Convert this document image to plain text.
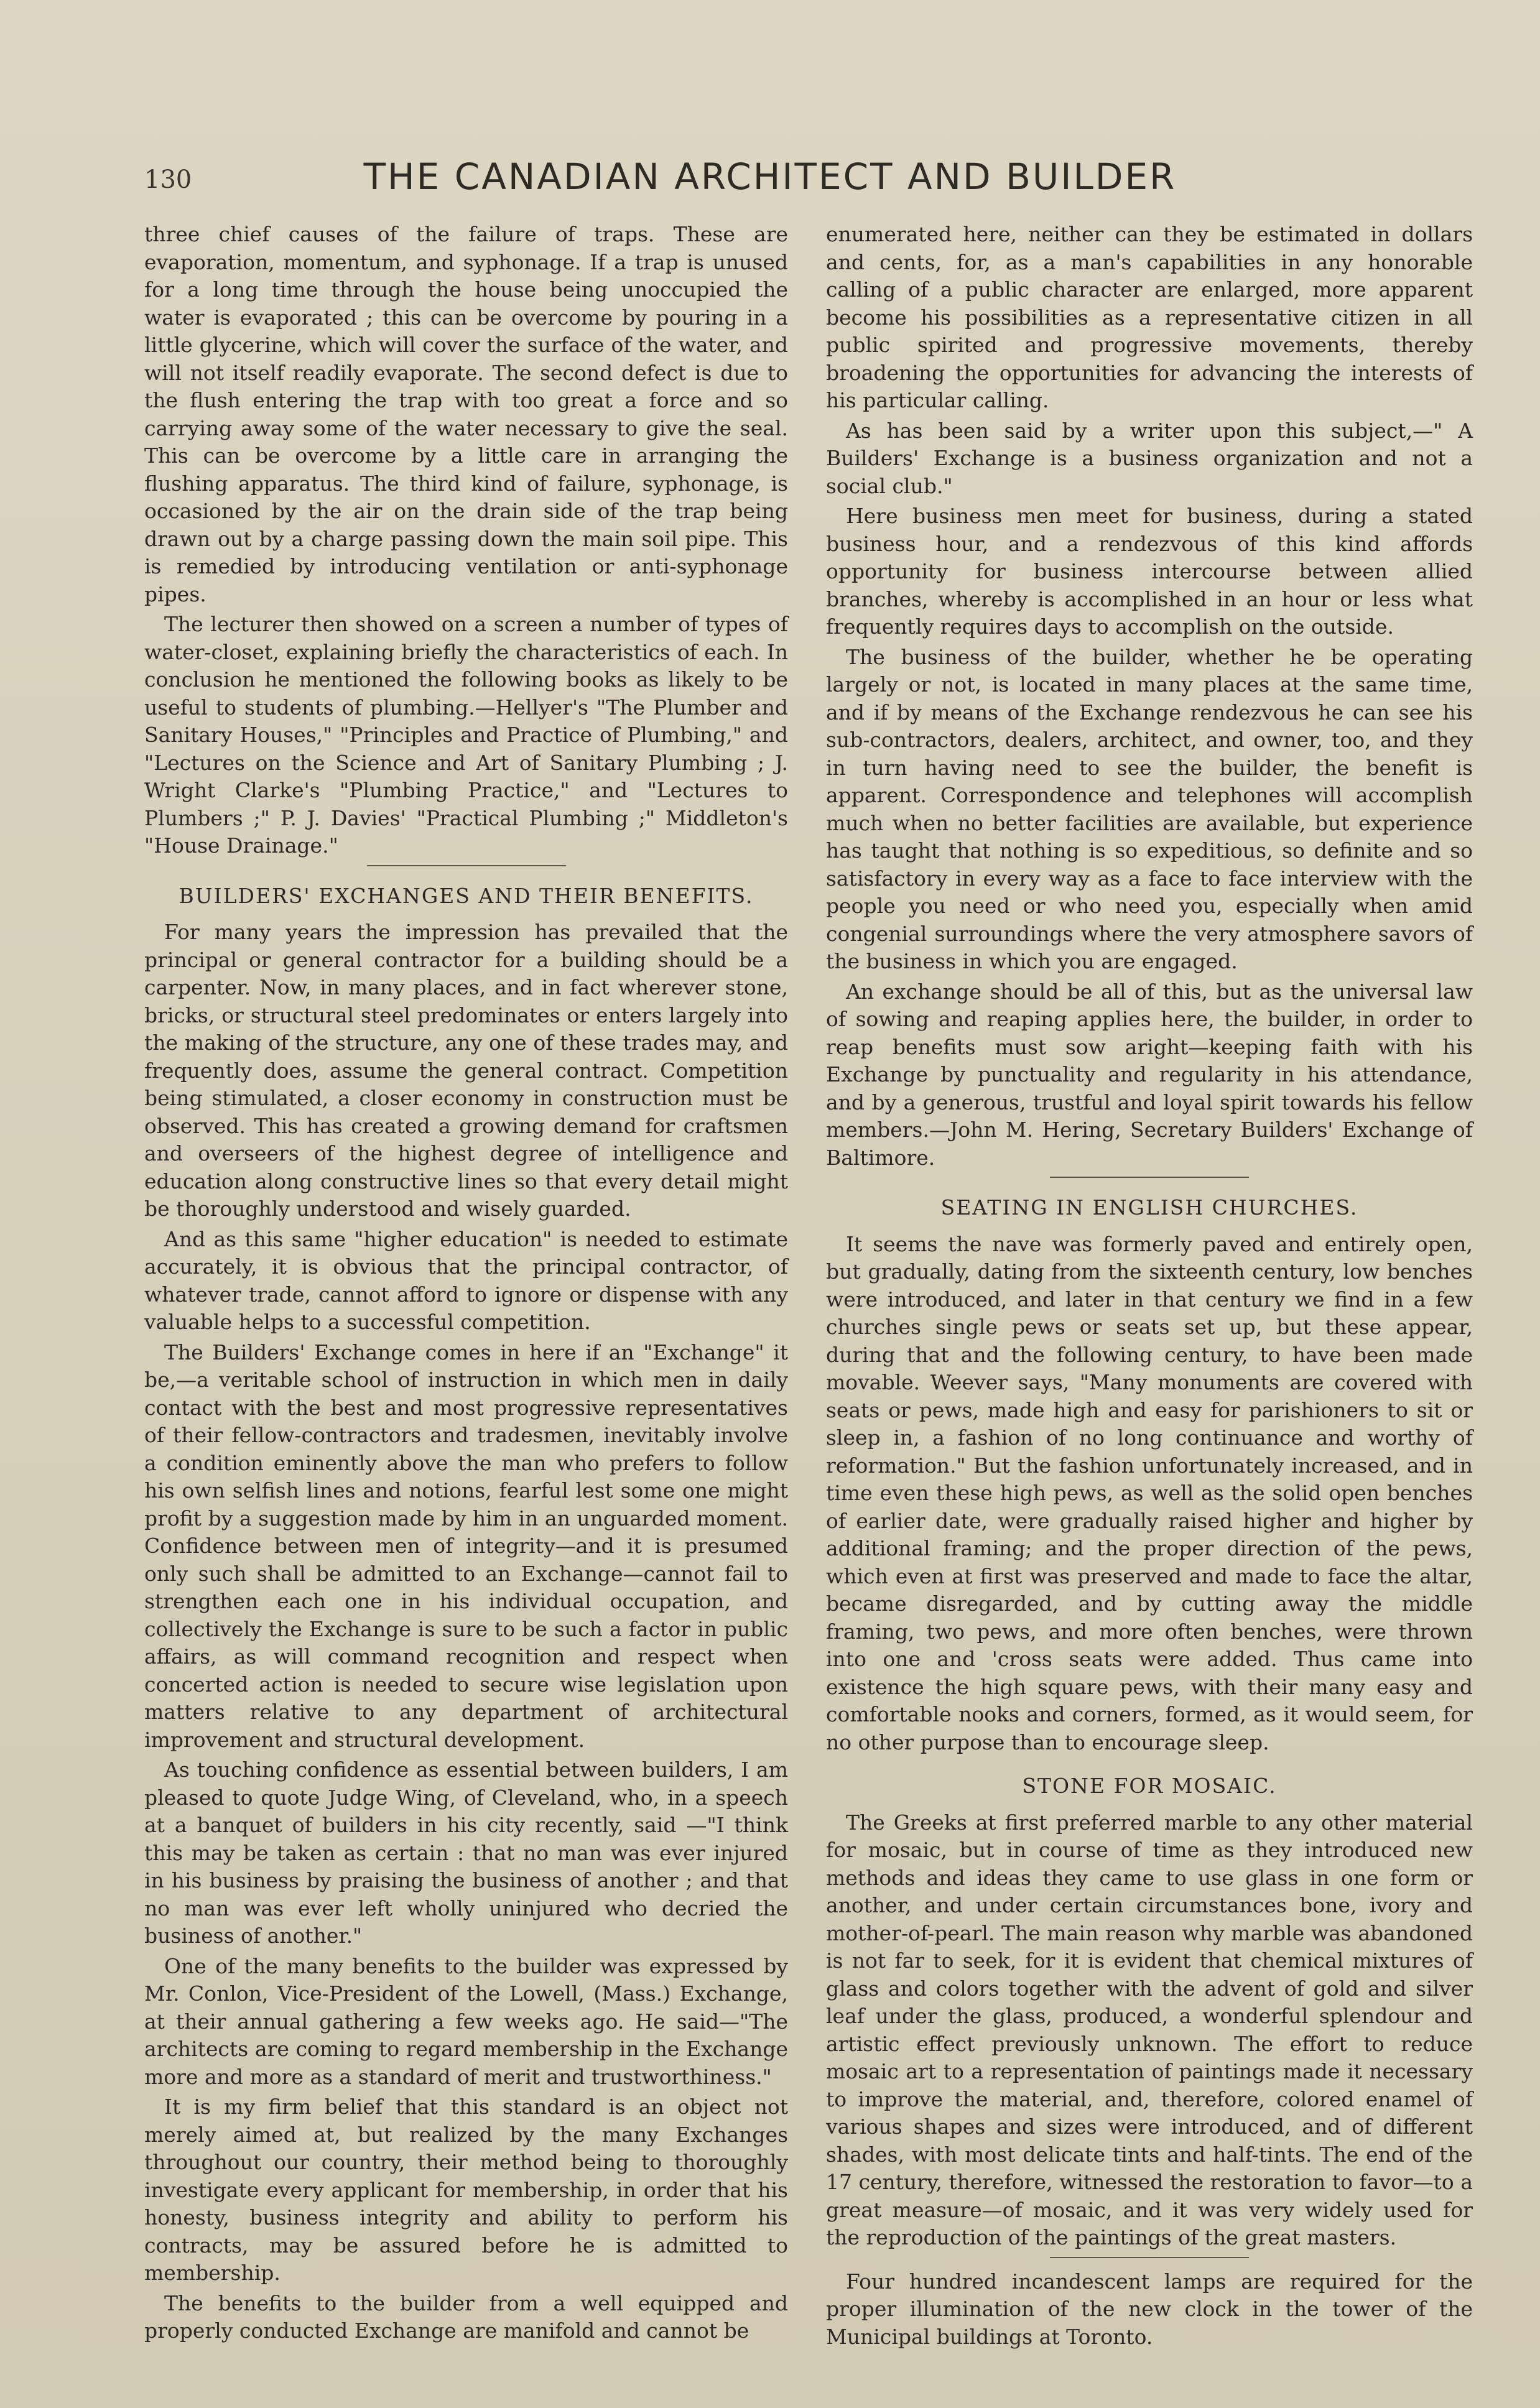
130	THE CANADIAN ARCHITECT AND BUILDER

three chief causes of the failure of traps. These are evaporation, momentum, and syphonage. If a trap is unused for a long time through the house being unoccupied the water is evaporated ; this can be overcome by pouring in a little glycerine, which will cover the surface of the water, and will not itself readily evaporate. The second defect is due to the flush entering the trap with too great a force and so carrying away some of the water necessary to give the seal. This can be overcome by a little care in arranging the flushing apparatus. The third kind of failure, syphonage, is occasioned by the air on the drain side of the trap being drawn out by a charge passing down the main soil pipe. This is remedied by introducing ventilation or anti-syphonage pipes.

The lecturer then showed on a screen a number of types of water-closet, explaining briefly the characteristics of each. In conclusion he mentioned the following books as likely to be useful to students of plumbing.—Hellyer's "The Plumber and Sanitary Houses," "Principles and Practice of Plumbing," and "Lectures on the Science and Art of Sanitary Plumbing ; J. Wright Clarke's "Plumbing Practice," and "Lectures to Plumbers ;" P. J. Davies' "Practical Plumbing ;" Middleton's "House Drainage."

BUILDERS' EXCHANGES AND THEIR BENEFITS.

For many years the impression has prevailed that the principal or general contractor for a building should be a carpenter. Now, in many places, and in fact wherever stone, bricks, or structural steel predominates or enters largely into the making of the structure, any one of these trades may, and frequently does, assume the general contract. Competition being stimulated, a closer economy in construction must be observed. This has created a growing demand for craftsmen and overseers of the highest degree of intelligence and education along constructive lines so that every detail might be thoroughly understood and wisely guarded.

And as this same "higher education" is needed to estimate accurately, it is obvious that the principal contractor, of whatever trade, cannot afford to ignore or dispense with any valuable helps to a successful competition.

The Builders' Exchange comes in here if an "Exchange" it be,—a veritable school of instruction in which men in daily contact with the best and most progressive representatives of their fellow-contractors and tradesmen, inevitably involve a condition eminently above the man who prefers to follow his own selfish lines and notions, fearful lest some one might profit by a suggestion made by him in an unguarded moment. Confidence between men of integrity—and it is presumed only such shall be admitted to an Exchange—cannot fail to strengthen each one in his individual occupation, and collectively the Exchange is sure to be such a factor in public affairs, as will command recognition and respect when concerted action is needed to secure wise legislation upon matters relative to any department of architectural improvement and structural development.

As touching confidence as essential between builders, I am pleased to quote Judge Wing, of Cleveland, who, in a speech at a banquet of builders in his city recently, said —"I think this may be taken as certain : that no man was ever injured in his business by praising the business of another ; and that no man was ever left wholly uninjured who decried the business of another."

One of the many benefits to the builder was expressed by Mr. Conlon, Vice-President of the Lowell, (Mass.) Exchange, at their annual gathering a few weeks ago. He said—"The architects are coming to regard membership in the Exchange more and more as a standard of merit and trustworthiness."

It is my firm belief that this standard is an object not merely aimed at, but realized by the many Exchanges throughout our country, their method being to thoroughly investigate every applicant for membership, in order that his honesty, business integrity and ability to perform his contracts, may be assured before he is admitted to membership.

The benefits to the builder from a well equipped and properly conducted Exchange are manifold and cannot be

enumerated here, neither can they be estimated in dollars and cents, for, as a man's capabilities in any honorable calling of a public character are enlarged, more apparent become his possibilities as a representative citizen in all public spirited and progressive movements, thereby broadening the opportunities for advancing the interests of his particular calling.

As has been said by a writer upon this subject,—" A Builders' Exchange is a business organization and not a social club."

Here business men meet for business, during a stated business hour, and a rendezvous of this kind affords opportunity for business intercourse between allied branches, whereby is accomplished in an hour or less what frequently requires days to accomplish on the outside.

The business of the builder, whether he be operating largely or not, is located in many places at the same time, and if by means of the Exchange rendezvous he can see his sub-contractors, dealers, architect, and owner, too, and they in turn having need to see the builder, the benefit is apparent. Correspondence and telephones will accomplish much when no better facilities are available, but experience has taught that nothing is so expeditious, so definite and so satisfactory in every way as a face to face interview with the people you need or who need you, especially when amid congenial surroundings where the very atmosphere savors of the business in which you are engaged.

An exchange should be all of this, but as the universal law of sowing and reaping applies here, the builder, in order to reap benefits must sow aright—keeping faith with his Exchange by punctuality and regularity in his attendance, and by a generous, trustful and loyal spirit towards his fellow members.—John M. Hering, Secretary Builders' Exchange of Baltimore.

SEATING IN ENGLISH CHURCHES.

It seems the nave was formerly paved and entirely open, but gradually, dating from the sixteenth century, low benches were introduced, and later in that century we find in a few churches single pews or seats set up, but these appear, during that and the following century, to have been made movable. Weever says, "Many monuments are covered with seats or pews, made high and easy for parishioners to sit or sleep in, a fashion of no long continuance and worthy of reformation." But the fashion unfortunately increased, and in time even these high pews, as well as the solid open benches of earlier date, were gradually raised higher and higher by additional framing; and the proper direction of the pews, which even at first was preserved and made to face the altar, became disregarded, and by cutting away the middle framing, two pews, and more often benches, were thrown into one and 'cross seats were added. Thus came into existence the high square pews, with their many easy and comfortable nooks and corners, formed, as it would seem, for no other purpose than to encourage sleep.

STONE FOR MOSAIC.

The Greeks at first preferred marble to any other material for mosaic, but in course of time as they introduced new methods and ideas they came to use glass in one form or another, and under certain circumstances bone, ivory and mother-of-pearl. The main reason why marble was abandoned is not far to seek, for it is evident that chemical mixtures of glass and colors together with the advent of gold and silver leaf under the glass, produced, a wonderful splendour and artistic effect previously unknown. The effort to reduce mosaic art to a representation of paintings made it necessary to improve the material, and, therefore, colored enamel of various shapes and sizes were introduced, and of different shades, with most delicate tints and half-tints. The end of the 17 century, therefore, witnessed the restoration to favor—to a great measure—of mosaic, and it was very widely used for the reproduction of the paintings of the great masters.

Four hundred incandescent lamps are required for the proper illumination of the new clock in the tower of the Municipal buildings at Toronto.
